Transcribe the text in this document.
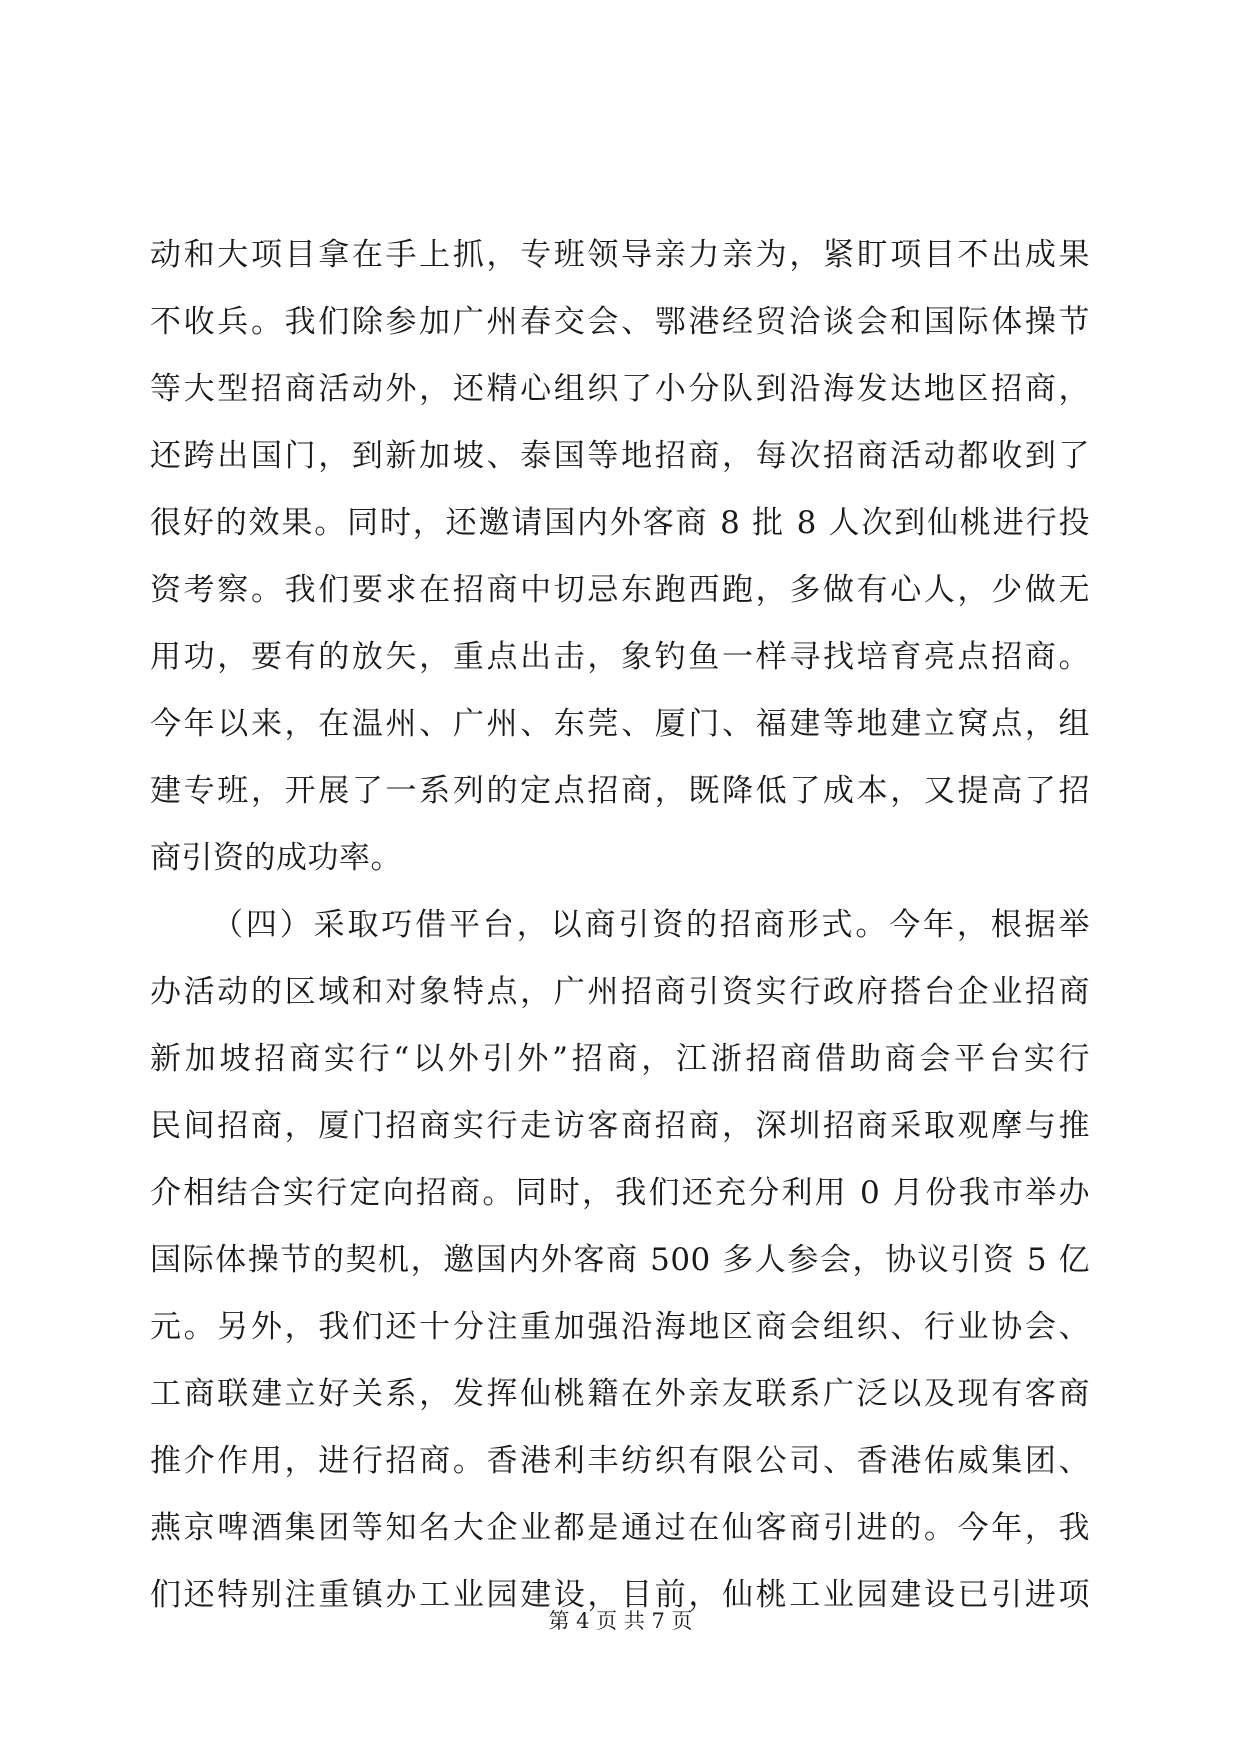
动和大项目拿在手上抓，专班领导亲力亲为，紧盯项目不出成果
不收兵。我们除参加广州春交会、鄂港经贸洽谈会和国际体操节
等大型招商活动外，还精心组织了小分队到沿海发达地区招商，
还跨出国门，到新加坡、泰国等地招商，每次招商活动都收到了
很好的效果。同时，还邀请国内外客商 8 批 8 人次到仙桃进行投
资考察。我们要求在招商中切忌东跑西跑，多做有心人，少做无
用功，要有的放矢，重点出击，象钓鱼一样寻找培育亮点招商。
今年以来，在温州、广州、东莞、厦门、福建等地建立窝点，组
建专班，开展了一系列的定点招商，既降低了成本，又提高了招
商引资的成功率。
（四）采取巧借平台，以商引资的招商形式。今年，根据举
办活动的区域和对象特点，广州招商引资实行政府搭台企业招商
新加坡招商实行“以外引外”招商，江浙招商借助商会平台实行
民间招商，厦门招商实行走访客商招商，深圳招商采取观摩与推
介相结合实行定向招商。同时，我们还充分利用 0 月份我市举办
国际体操节的契机，邀国内外客商 500 多人参会，协议引资 5 亿
元。另外，我们还十分注重加强沿海地区商会组织、行业协会、
工商联建立好关系，发挥仙桃籍在外亲友联系广泛以及现有客商
推介作用，进行招商。香港利丰纺织有限公司、香港佑威集团、
燕京啤酒集团等知名大企业都是通过在仙客商引进的。今年，我
们还特别注重镇办工业园建设，目前，仙桃工业园建设已引进项
第 4 页 共 7 页
